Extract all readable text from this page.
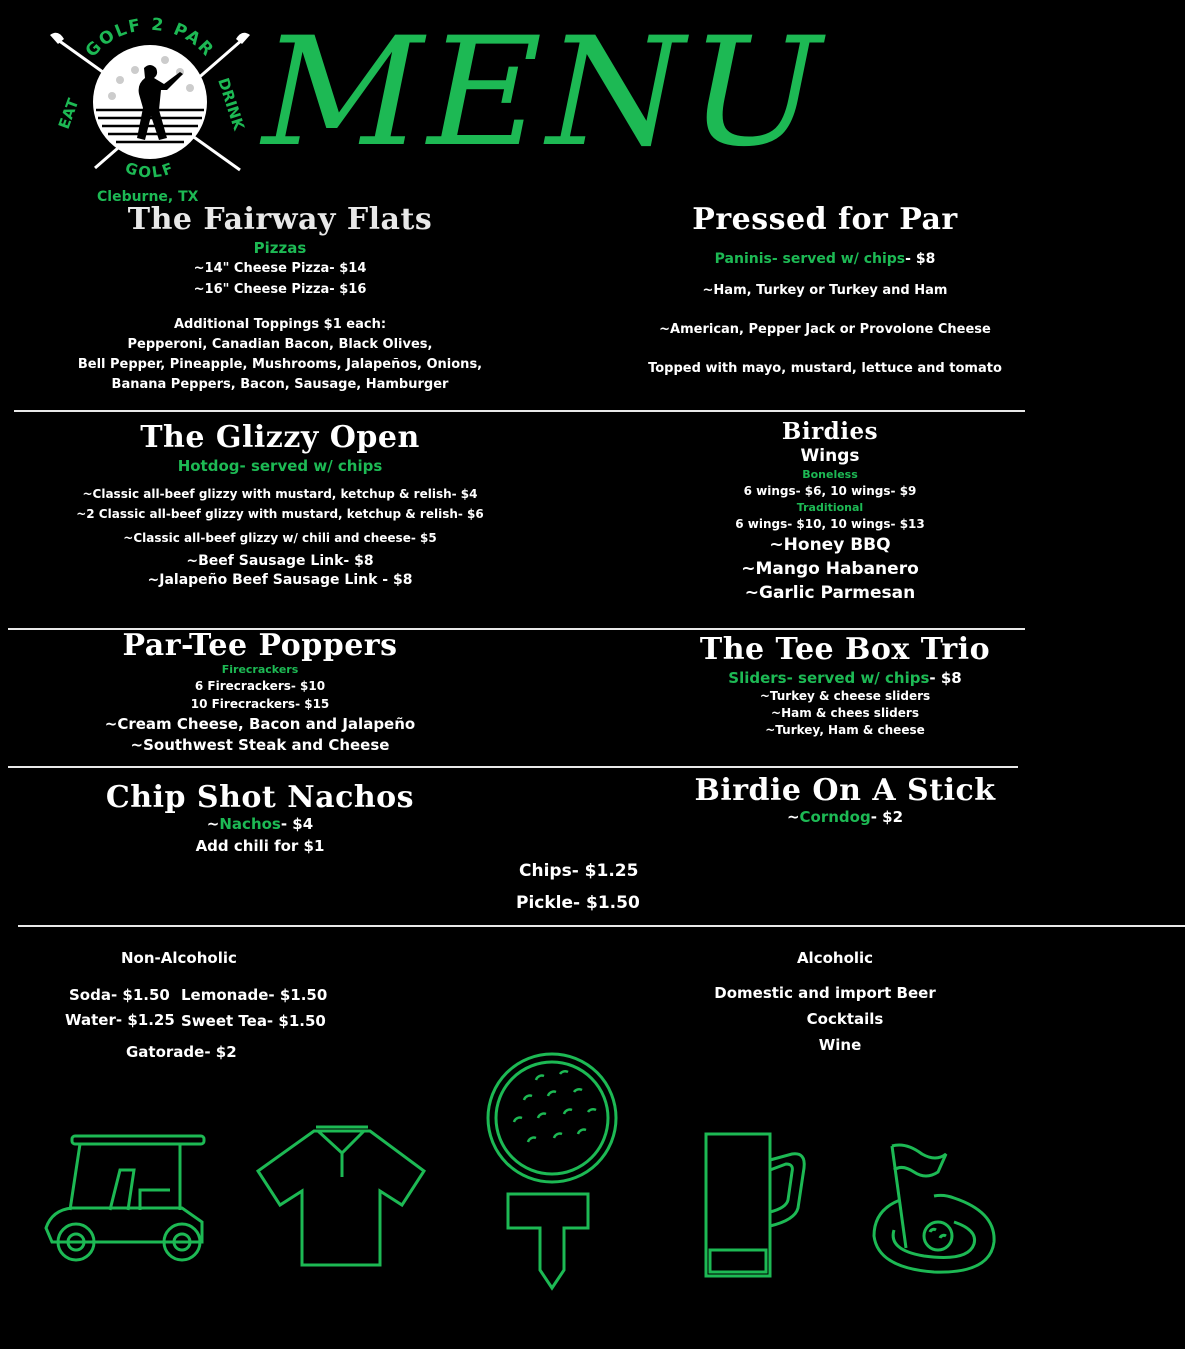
GOLF 2 PAR
EAT	DRINK
GOLF
Cleburne, TX
MENU
The Fairway Flats
Pizzas
~14" Cheese Pizza- $14
~16" Cheese Pizza- $16
Additional Toppings $1 each:
Pepperoni, Canadian Bacon, Black Olives,
Bell Pepper, Pineapple, Mushrooms, Jalapeños, Onions,
Banana Peppers, Bacon, Sausage, Hamburger
Pressed for Par
Paninis- served w/ chips- $8
~Ham, Turkey or Turkey and Ham
~American, Pepper Jack or Provolone Cheese
Topped with mayo, mustard, lettuce and tomato
The Glizzy Open
Hotdog- served w/ chips
~Classic all-beef glizzy with mustard, ketchup & relish- $4
~2 Classic all-beef glizzy with mustard, ketchup & relish- $6
~Classic all-beef glizzy w/ chili and cheese- $5
~Beef Sausage Link- $8
~Jalapeño Beef Sausage Link - $8
Birdies
Wings
Boneless
6 wings- $6, 10 wings- $9
Traditional
6 wings- $10, 10 wings- $13
~Honey BBQ
~Mango Habanero
~Garlic Parmesan
Par-Tee Poppers
Firecrackers
6 Firecrackers- $10
10 Firecrackers- $15
~Cream Cheese, Bacon and Jalapeño
~Southwest Steak and Cheese
The Tee Box Trio
Sliders- served w/ chips- $8
~Turkey & cheese sliders
~Ham & chees sliders
~Turkey, Ham & cheese
Chip Shot Nachos
~Nachos- $4
Add chili for $1
Birdie On A Stick
~Corndog- $2
Chips- $1.25
Pickle- $1.50
Non-Alcoholic
Soda- $1.50
Water- $1.25
Lemonade- $1.50
Sweet Tea- $1.50
Gatorade- $2
Alcoholic
Domestic and import Beer
Cocktails
Wine
